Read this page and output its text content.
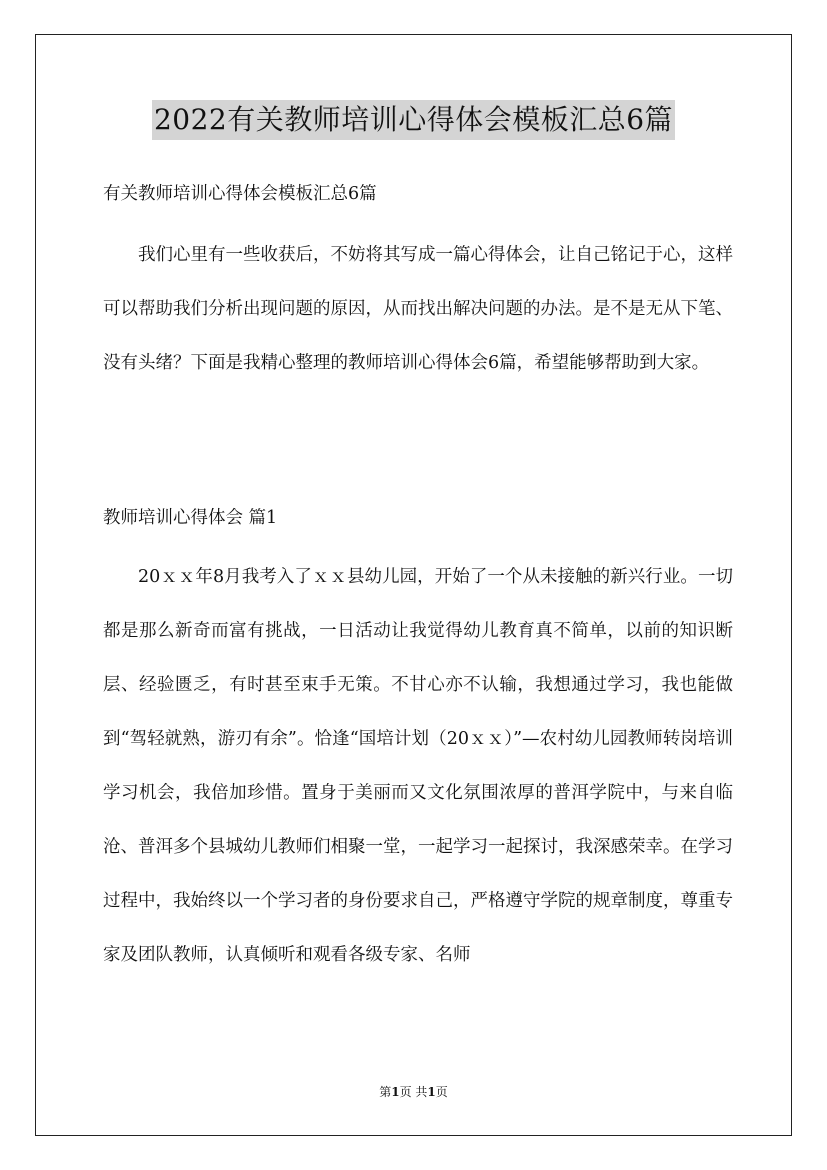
2022有关教师培训心得体会模板汇总6篇
有关教师培训心得体会模板汇总6篇
我们心里有一些收获后，不妨将其写成一篇心得体会，让自己铭记于心，这样可以帮助我们分析出现问题的原因，从而找出解决问题的办法。是不是无从下笔、没有头绪？下面是我精心整理的教师培训心得体会6篇，希望能够帮助到大家。
教师培训心得体会 篇1
20ｘｘ年8月我考入了ｘｘ县幼儿园，开始了一个从未接触的新兴行业。一切都是那么新奇而富有挑战，一日活动让我觉得幼儿教育真不简单，以前的知识断层、经验匮乏，有时甚至束手无策。不甘心亦不认输，我想通过学习，我也能做到“驾轻就熟，游刃有余”。恰逢“国培计划（20ｘｘ）”—农村幼儿园教师转岗培训学习机会，我倍加珍惜。置身于美丽而又文化氛围浓厚的普洱学院中，与来自临沧、普洱多个县城幼儿教师们相聚一堂，一起学习一起探讨，我深感荣幸。在学习过程中，我始终以一个学习者的身份要求自己，严格遵守学院的规章制度，尊重专家及团队教师，认真倾听和观看各级专家、名师
第1页 共1页
